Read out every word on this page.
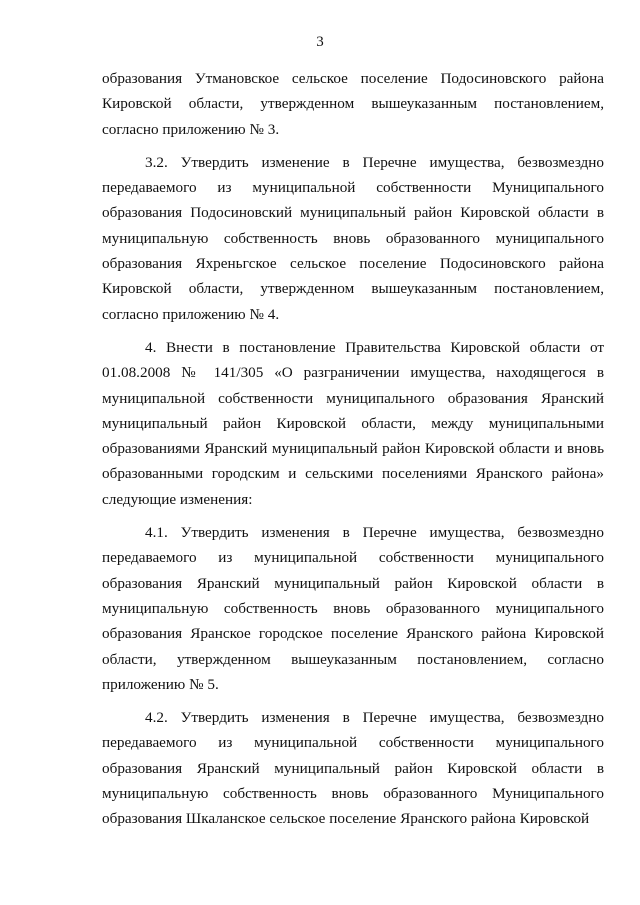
3

образования Утмановское сельское поселение Подосиновского района Кировской области, утвержденном вышеуказанным постановлением, согласно приложению № 3.

3.2. Утвердить изменение в Перечне имущества, безвозмездно передаваемого из муниципальной собственности Муниципального образования Подосиновский муниципальный район Кировской области в муниципальную собственность вновь образованного муниципального образования Яхреньгское сельское поселение Подосиновского района Кировской области, утвержденном вышеуказанным постановлением, согласно приложению № 4.

4. Внести в постановление Правительства Кировской области от 01.08.2008 № 141/305 «О разграничении имущества, находящегося в муниципальной собственности муниципального образования Яранский муниципальный район Кировской области, между муниципальными образованиями Яранский муниципальный район Кировской области и вновь образованными городским и сельскими поселениями Яранского района» следующие изменения:

4.1. Утвердить изменения в Перечне имущества, безвозмездно передаваемого из муниципальной собственности муниципального образования Яранский муниципальный район Кировской области в муниципальную собственность вновь образованного муниципального образования Яранское городское поселение Яранского района Кировской области, утвержденном вышеуказанным постановлением, согласно приложению № 5.

4.2. Утвердить изменения в Перечне имущества, безвозмездно передаваемого из муниципальной собственности муниципального образования Яранский муниципальный район Кировской области в муниципальную собственность вновь образованного Муниципального образования Шкаланское сельское поселение Яранского района Кировской
